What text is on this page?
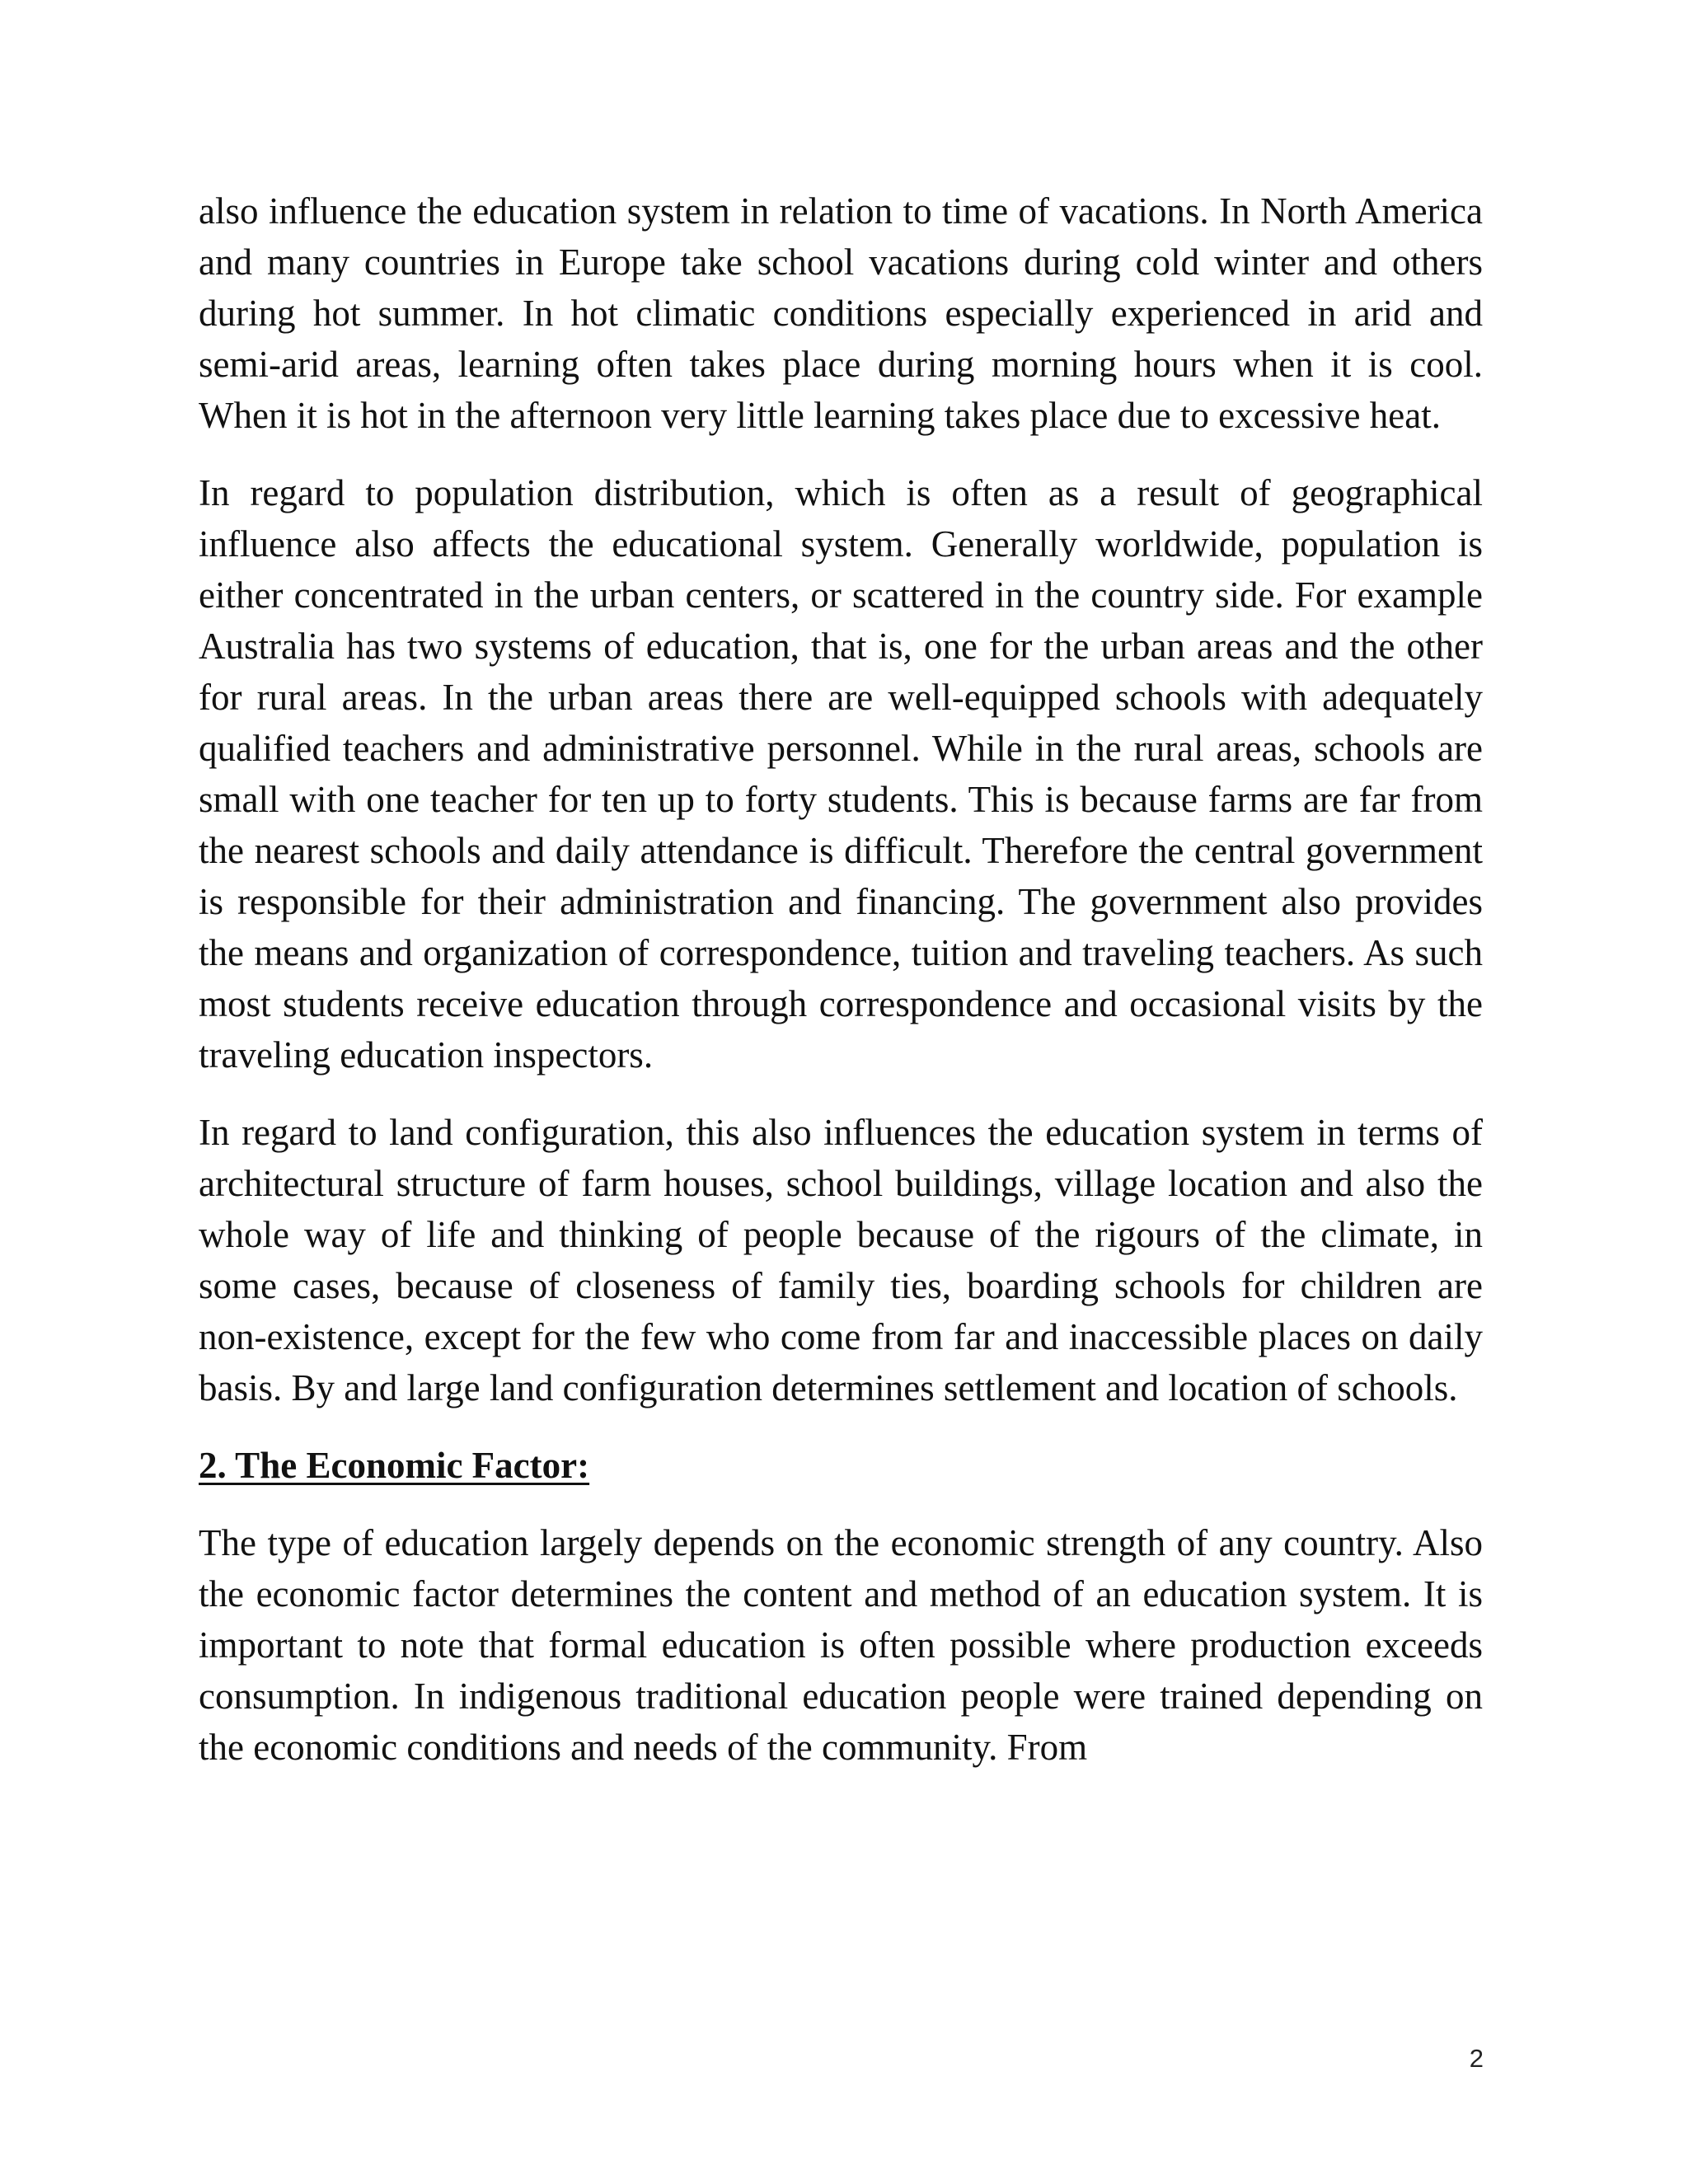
also influence the education system in relation to time of vacations. In North America and many countries in Europe take school vacations during cold winter and others during hot summer. In hot climatic conditions especially experienced in arid and semi-arid areas, learning often takes place during morning hours when it is cool. When it is hot in the afternoon very little learning takes place due to excessive heat.

In regard to population distribution, which is often as a result of geographical influence also affects the educational system. Generally worldwide, population is either concentrated in the urban centers, or scattered in the country side. For example Australia has two systems of education, that is, one for the urban areas and the other for rural areas. In the urban areas there are well-equipped schools with adequately qualified teachers and administrative personnel. While in the rural areas, schools are small with one teacher for ten up to forty students. This is because farms are far from the nearest schools and daily attendance is difficult. Therefore the central government is responsible for their administration and financing. The government also provides the means and organization of correspondence, tuition and traveling teachers. As such most students receive education through correspondence and occasional visits by the traveling education inspectors.

In regard to land configuration, this also influences the education system in terms of architectural structure of farm houses, school buildings, village location and also the whole way of life and thinking of people because of the rigours of the climate, in some cases, because of closeness of family ties, boarding schools for children are non-existence, except for the few who come from far and inaccessible places on daily basis. By and large land configuration determines settlement and location of schools.

2. The Economic Factor:

The type of education largely depends on the economic strength of any country. Also the economic factor determines the content and method of an education system. It is important to note that formal education is often possible where production exceeds consumption. In indigenous traditional education people were trained depending on the economic conditions and needs of the community. From

2
